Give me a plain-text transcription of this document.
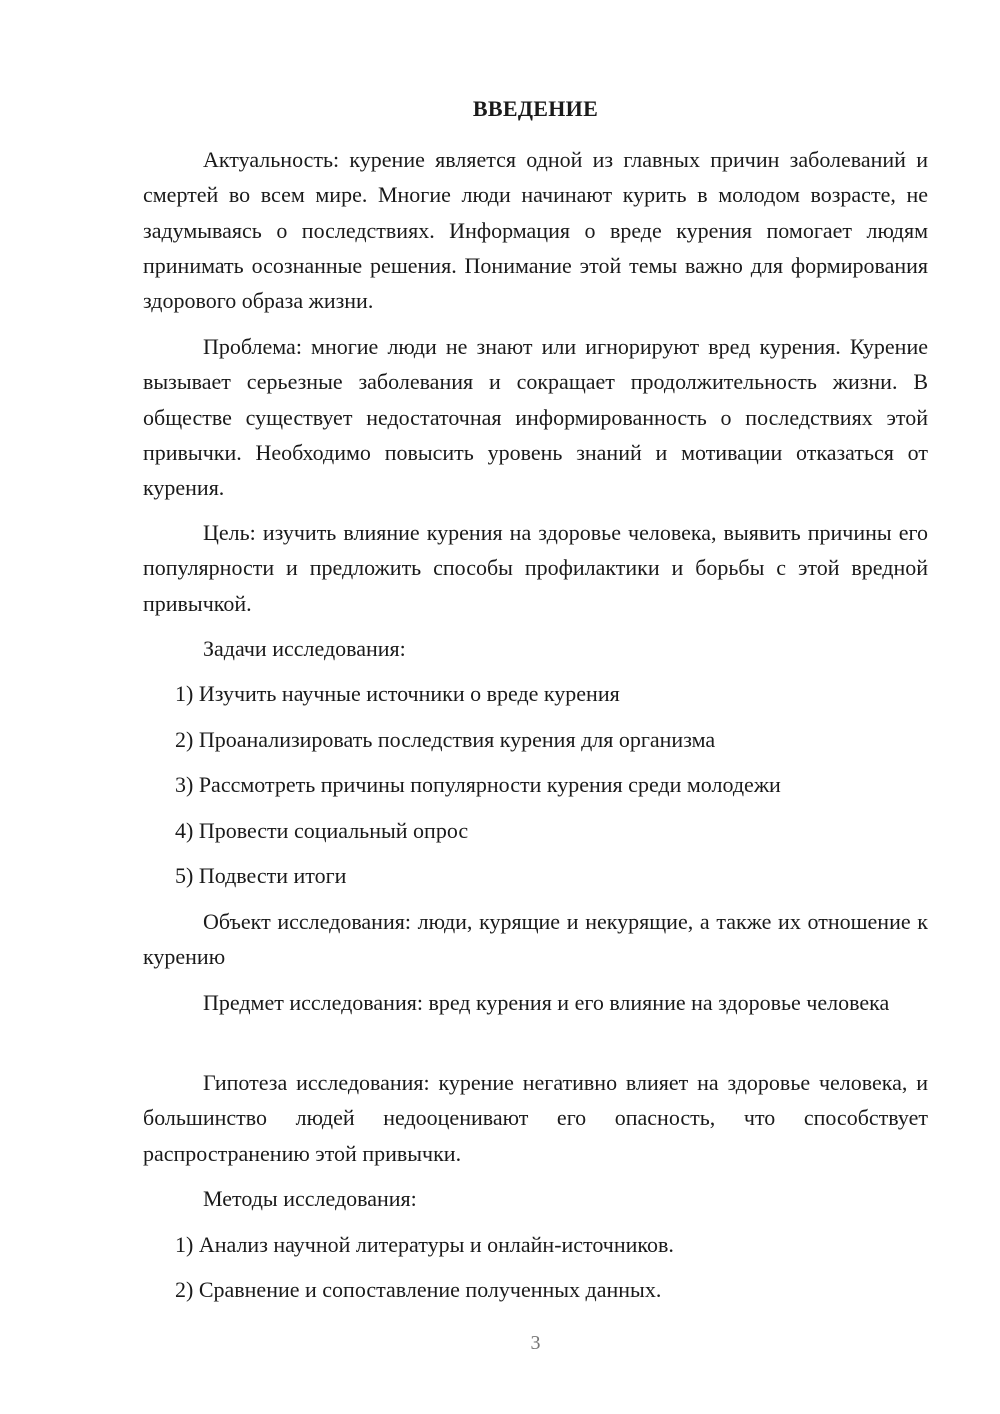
ВВЕДЕНИЕ

Актуальность: курение является одной из главных причин заболеваний и смертей во всем мире. Многие люди начинают курить в молодом возрасте, не задумываясь о последствиях. Информация о вреде курения помогает людям принимать осознанные решения. Понимание этой темы важно для формирования здорового образа жизни.

Проблема: многие люди не знают или игнорируют вред курения. Курение вызывает серьезные заболевания и сокращает продолжительность жизни. В обществе существует недостаточная информированность о последствиях этой привычки. Необходимо повысить уровень знаний и мотивации отказаться от курения.

Цель: изучить влияние курения на здоровье человека, выявить причины его популярности и предложить способы профилактики и борьбы с этой вредной привычкой.

Задачи исследования:

1) Изучить научные источники о вреде курения

2) Проанализировать последствия курения для организма

3) Рассмотреть причины популярности курения среди молодежи

4) Провести социальный опрос

5) Подвести итоги

Объект исследования: люди, курящие и некурящие, а также их отношение к курению

Предмет исследования: вред курения и его влияние на здоровье человека

Гипотеза исследования: курение негативно влияет на здоровье человека, и большинство людей недооценивают его опасность, что способствует распространению этой привычки.

Методы исследования:

1) Анализ научной литературы и онлайн-источников.

2) Сравнение и сопоставление полученных данных.

3
